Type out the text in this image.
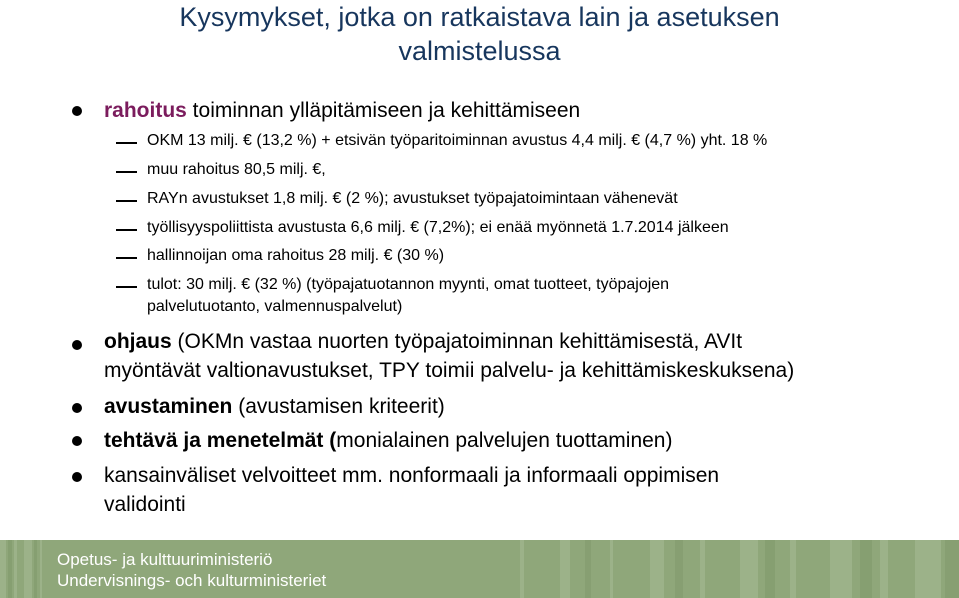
Kysymykset, jotka on ratkaistava lain ja asetuksen
valmistelussa
rahoitus toiminnan ylläpitämiseen ja kehittämiseen
OKM 13 milj. € (13,2 %) + etsivän työparitoiminnan avustus 4,4 milj. € (4,7 %) yht. 18 %
muu rahoitus 80,5 milj. €,
RAYn avustukset 1,8 milj. € (2 %); avustukset työpajatoimintaan vähenevät
työllisyyspoliittista avustusta 6,6 milj. € (7,2%); ei enää myönnetä 1.7.2014 jälkeen
hallinnoijan oma rahoitus 28 milj. € (30 %)
tulot: 30 milj. € (32 %) (työpajatuotannon myynti, omat tuotteet, työpajojen
palvelutuotanto, valmennuspalvelut)
ohjaus (OKMn vastaa nuorten työpajatoiminnan kehittämisestä, AVIt
myöntävät valtionavustukset, TPY toimii palvelu- ja kehittämiskeskuksena)
avustaminen (avustamisen kriteerit)
tehtävä ja menetelmät (monialainen palvelujen tuottaminen)
kansainväliset velvoitteet mm. nonformaali ja informaali oppimisen
validointi
Opetus- ja kulttuuriministeriö
Undervisnings- och kulturministeriet
